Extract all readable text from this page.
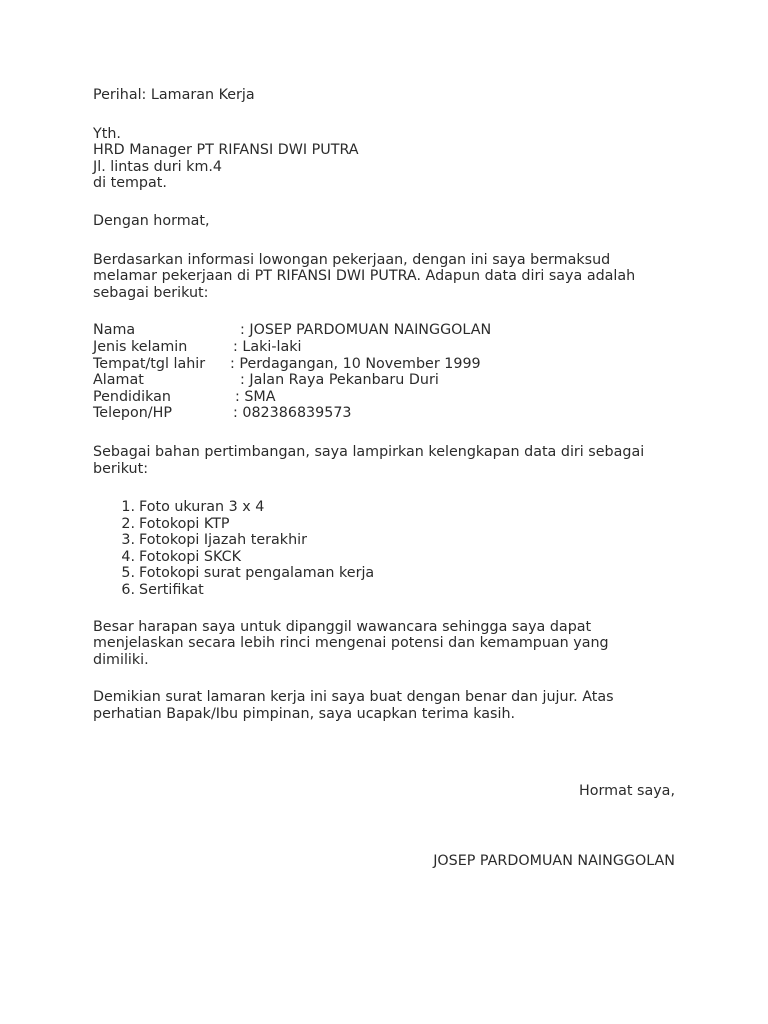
Perihal: Lamaran Kerja
Yth.
HRD Manager PT RIFANSI DWI PUTRA
Jl. lintas duri km.4
di tempat.
Dengan hormat,
Berdasarkan informasi lowongan pekerjaan, dengan ini saya bermaksud
melamar pekerjaan di PT RIFANSI DWI PUTRA. Adapun data diri saya adalah
sebagai berikut:
Nama	: JOSEP PARDOMUAN NAINGGOLAN
Jenis kelamin	: Laki-laki
Tempat/tgl lahir : Perdagangan, 10 November 1999
Alamat	: Jalan Raya Pekanbaru Duri
Pendidikan	: SMA
Telepon/HP	: 082386839573
Sebagai bahan pertimbangan, saya lampirkan kelengkapan data diri sebagai
berikut:
1. Foto ukuran 3 x 4
2. Fotokopi KTP
3. Fotokopi Ijazah terakhir
4. Fotokopi SKCK
5. Fotokopi surat pengalaman kerja
6. Sertifikat
Besar harapan saya untuk dipanggil wawancara sehingga saya dapat
menjelaskan secara lebih rinci mengenai potensi dan kemampuan yang
dimiliki.
Demikian surat lamaran kerja ini saya buat dengan benar dan jujur. Atas
perhatian Bapak/Ibu pimpinan, saya ucapkan terima kasih.
Hormat saya,
JOSEP PARDOMUAN NAINGGOLAN
